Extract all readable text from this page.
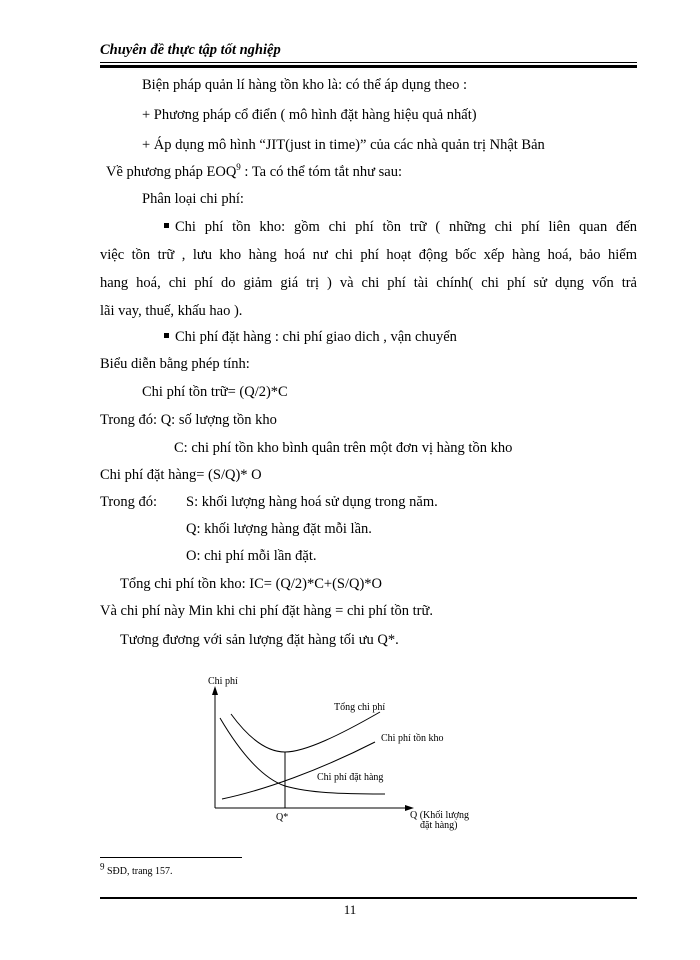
Chuyên đề thực tập tốt nghiệp
Biện pháp quản lí hàng tồn kho là: có thể áp dụng theo :
+ Phương pháp cổ điển ( mô hình đặt hàng hiệu quả nhất)
+ Áp dụng mô hình “JIT(just in time)” của các nhà quản trị Nhật Bản
Về phương pháp EOQ$^9$ : Ta có thể tóm tắt như sau:
Phân loại chi phí:
Chi phí tồn kho: gồm chi phí tồn trữ ( những chi phí liên quan đến
việc tồn trữ , lưu kho hàng hoá nư chi phí hoạt động bốc xếp hàng hoá, bảo hiểm
hang hoá, chi phí do giảm giá trị ) và chi phí tài chính( chi phí sử dụng vốn trả
lãi vay, thuế, khấu hao ).
Chi phí đặt hàng : chi phí giao dich , vận chuyển
Biểu diễn bằng phép tính:
Chi phí tồn trữ= (Q/2)*C
Trong đó: Q: số lượng tồn kho
C: chi phí tồn kho bình quân trên một đơn vị hàng tồn kho
Chi phí đặt hàng= (S/Q)* O
Trong đó: S: khối lượng hàng hoá sử dụng trong năm.
Q: khối lượng hàng đặt mỗi lần.
O: chi phí mỗi lần đặt.
Tổng chi phí tồn kho: IC= (Q/2)*C+(S/Q)*O
Và chi phí này Min khi chi phí đặt hàng = chi phí tồn trữ.
Tương đương với sản lượng đặt hàng tối ưu Q*.
Chi phí
Tổng chi phí
Chi phí tồn kho
Chi phí đặt hàng
Q*	Q (Khối lượng
đặt hàng)
$^9$ SĐD, trang 157.
11
